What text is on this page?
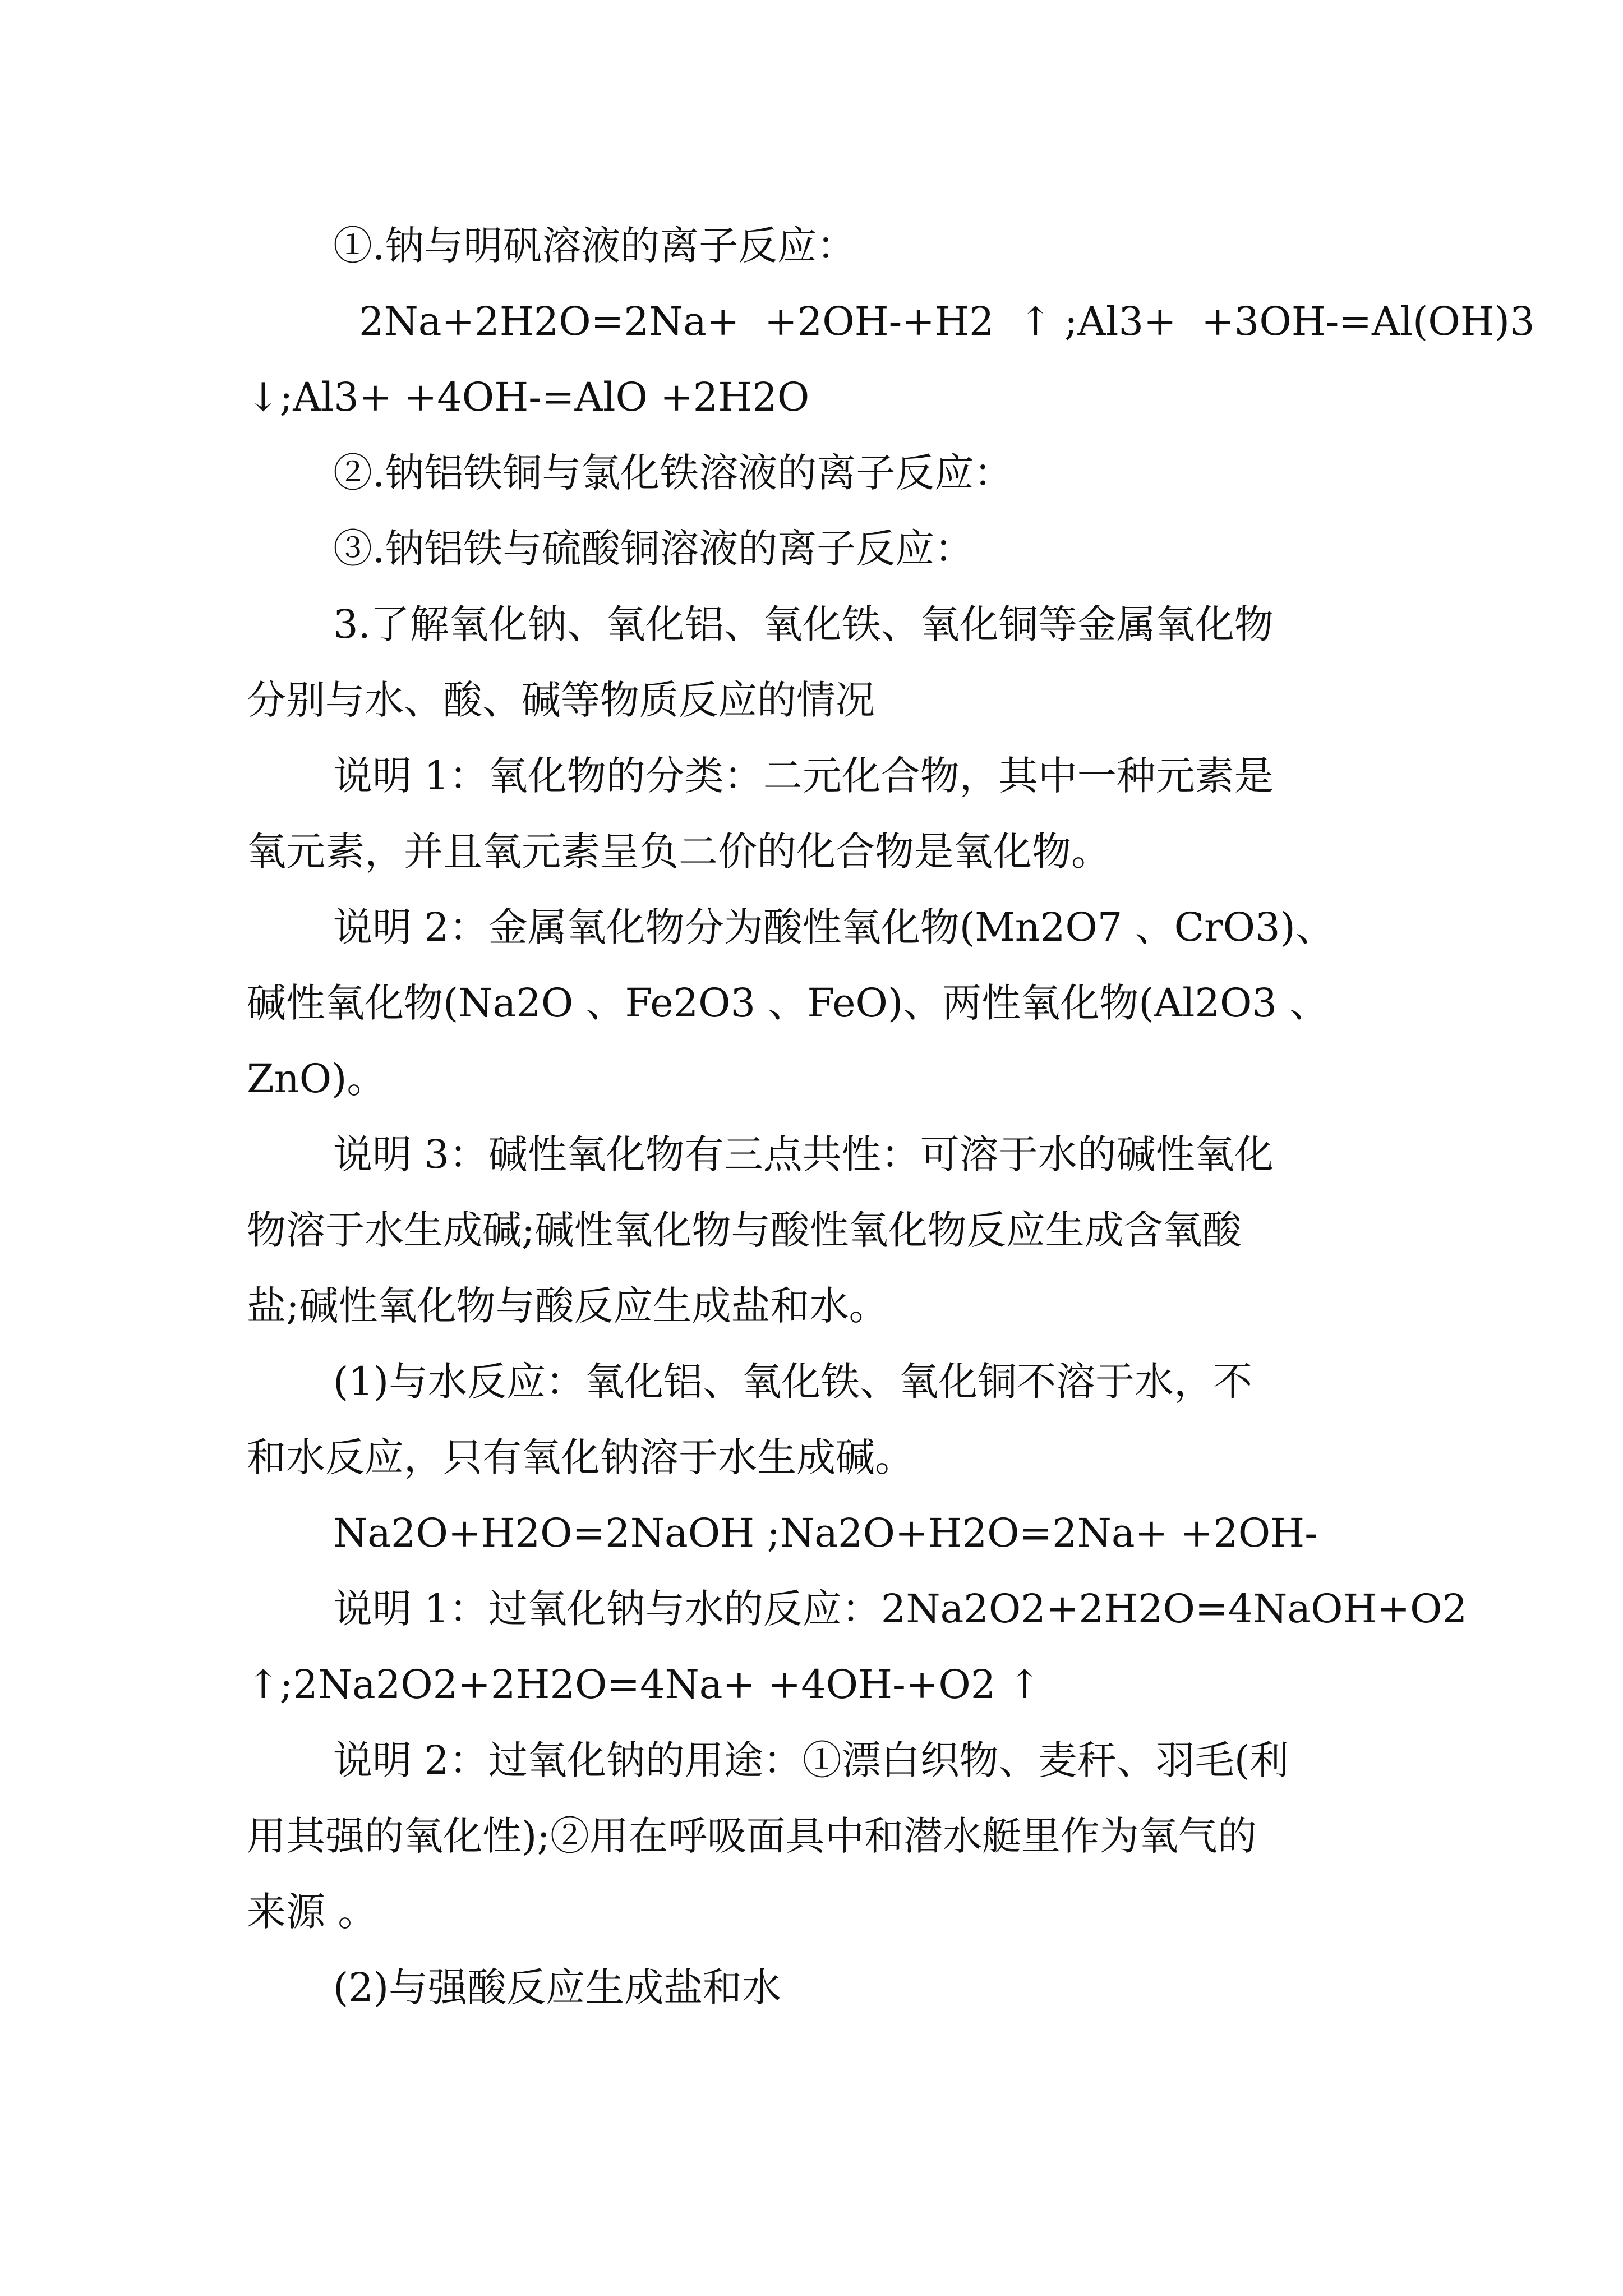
①.钠与明矾溶液的离子反应：
2Na+2H2O=2Na+  +2OH-+H2  ↑ ;Al3+  +3OH-=Al(OH)3
↓;Al3+ +4OH-=AlO +2H2O
②.钠铝铁铜与氯化铁溶液的离子反应：
③.钠铝铁与硫酸铜溶液的离子反应：
3.了解氧化钠、氧化铝、氧化铁、氧化铜等金属氧化物
分别与水、酸、碱等物质反应的情况
说明 1：氧化物的分类：二元化合物，其中一种元素是
氧元素，并且氧元素呈负二价的化合物是氧化物。
说明 2：金属氧化物分为酸性氧化物(Mn2O7 、CrO3)、
碱性氧化物(Na2O 、Fe2O3 、FeO)、两性氧化物(Al2O3 、
ZnO)。
说明 3：碱性氧化物有三点共性：可溶于水的碱性氧化
物溶于水生成碱;碱性氧化物与酸性氧化物反应生成含氧酸
盐;碱性氧化物与酸反应生成盐和水。
(1)与水反应：氧化铝、氧化铁、氧化铜不溶于水，不
和水反应，只有氧化钠溶于水生成碱。
Na2O+H2O=2NaOH ;Na2O+H2O=2Na+ +2OH-
说明 1：过氧化钠与水的反应：2Na2O2+2H2O=4NaOH+O2
↑;2Na2O2+2H2O=4Na+ +4OH-+O2 ↑
说明 2：过氧化钠的用途：①漂白织物、麦秆、羽毛(利
用其强的氧化性);②用在呼吸面具中和潜水艇里作为氧气的
来源 。
(2)与强酸反应生成盐和水
